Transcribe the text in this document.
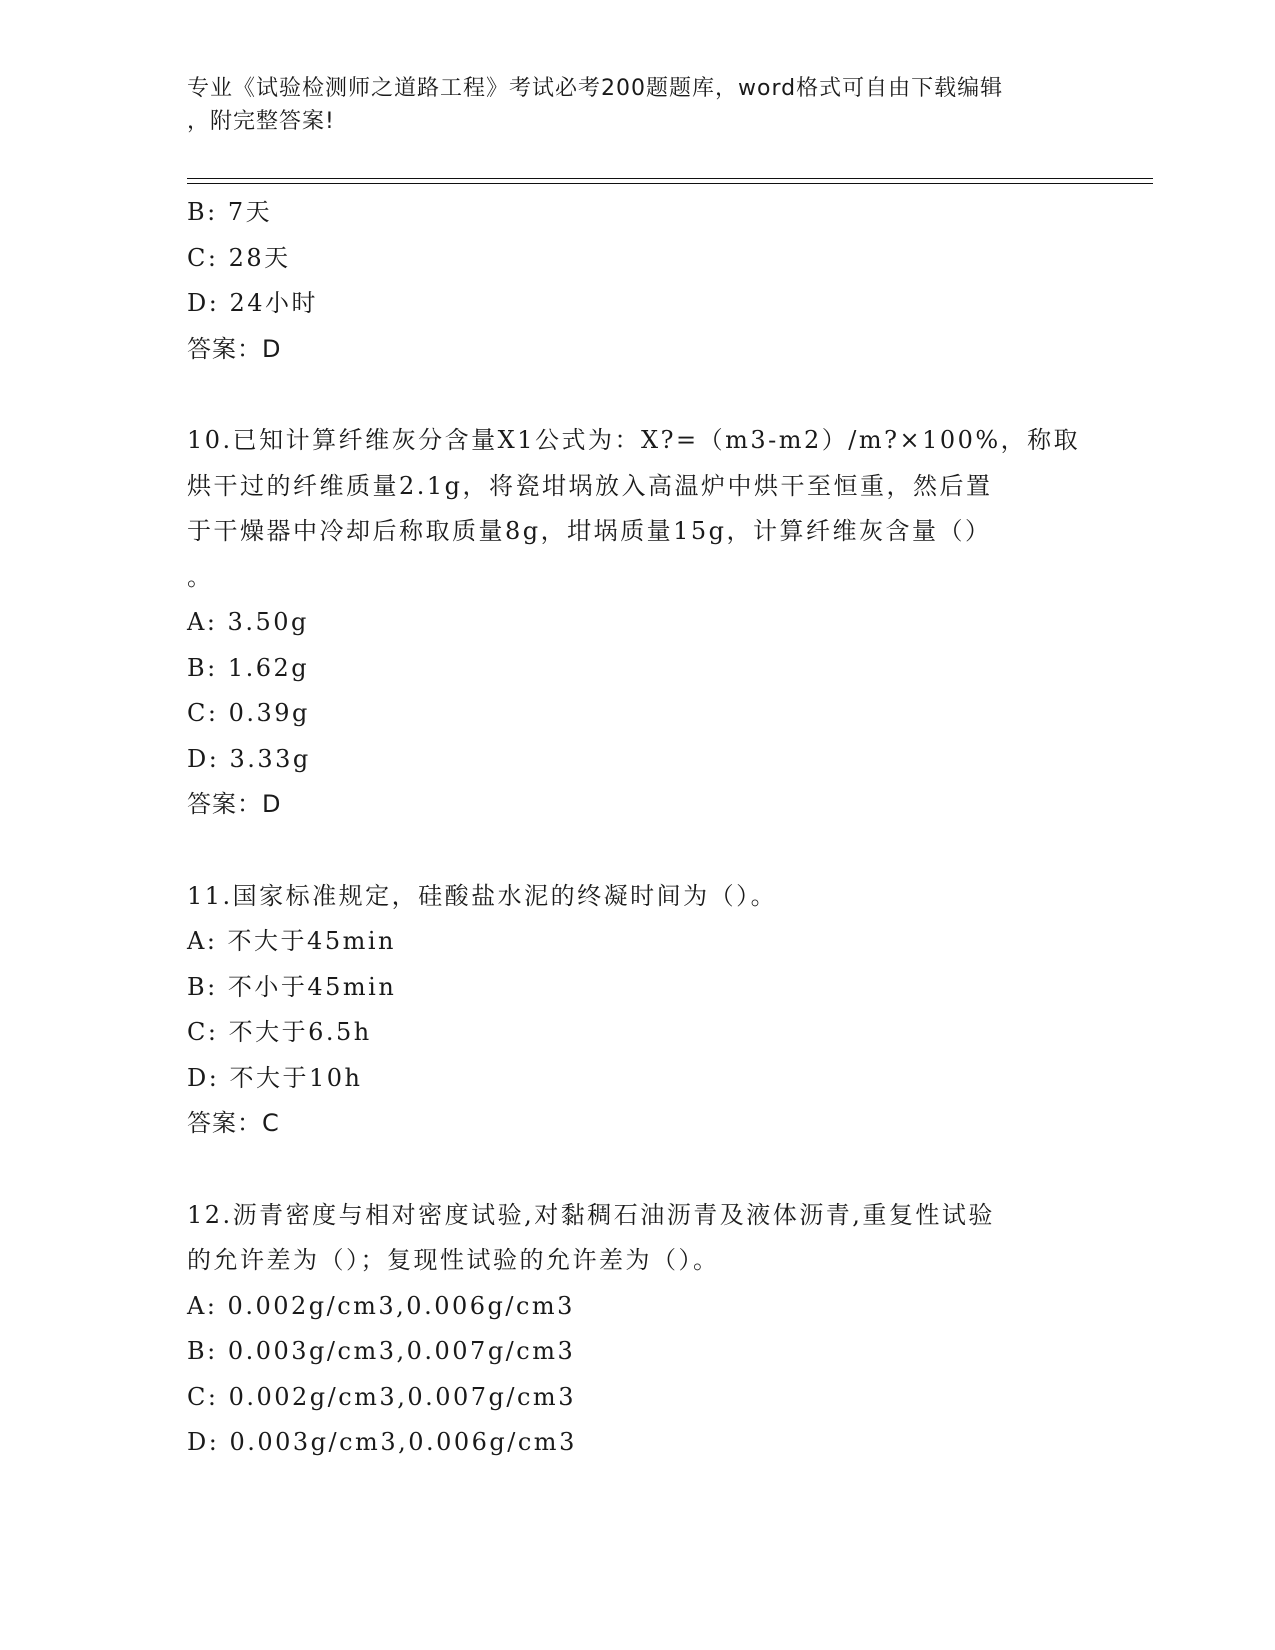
专业《试验检测师之道路工程》考试必考200题题库，word格式可自由下载编辑
，附完整答案!
B: 7天
C: 28天
D: 24小时
答案：D
10.已知计算纤维灰分含量X1公式为：X?=（m3-m2）/m?×100%，称取
烘干过的纤维质量2.1g，将瓷坩埚放入高温炉中烘干至恒重，然后置
于干燥器中冷却后称取质量8g，坩埚质量15g，计算纤维灰含量（）
。
A: 3.50g
B: 1.62g
C: 0.39g
D: 3.33g
答案：D
11.国家标准规定，硅酸盐水泥的终凝时间为（）。
A: 不大于45min
B: 不小于45min
C: 不大于6.5h
D: 不大于10h
答案：C
12.沥青密度与相对密度试验,对黏稠石油沥青及液体沥青,重复性试验
的允许差为（）；复现性试验的允许差为（）。
A: 0.002g/cm3,0.006g/cm3
B: 0.003g/cm3,0.007g/cm3
C: 0.002g/cm3,0.007g/cm3
D: 0.003g/cm3,0.006g/cm3
